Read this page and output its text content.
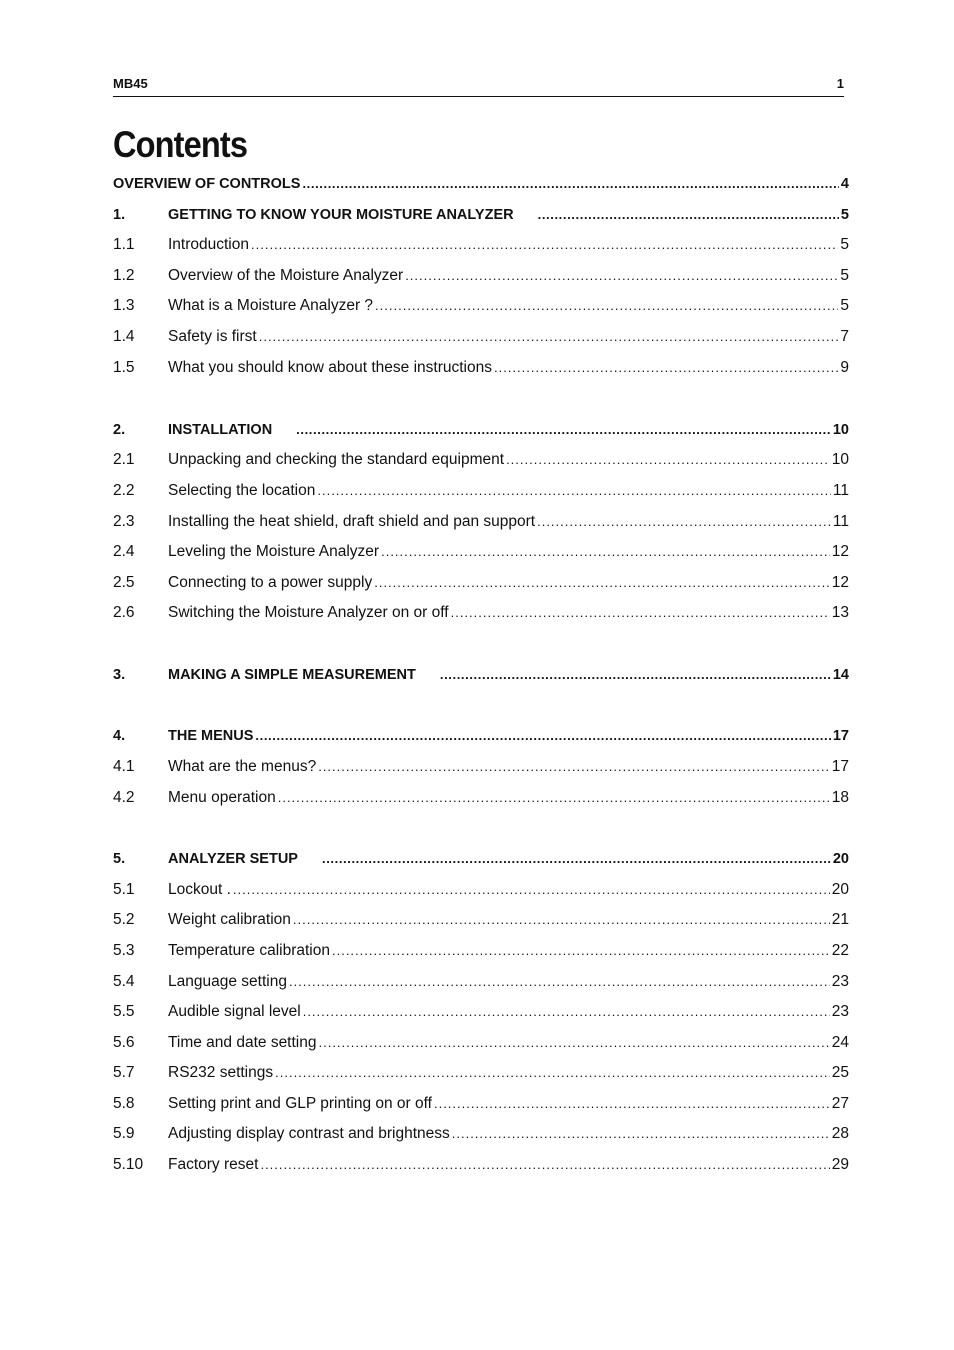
MB45	1
Contents
OVERVIEW OF CONTROLS .....	4
1.	GETTING TO KNOW YOUR MOISTURE ANALYZER .....	5
1.1	Introduction .....	5
1.2	Overview of the Moisture Analyzer .....	5
1.3	What is a Moisture Analyzer ? .....	5
1.4	Safety is first .....	7
1.5	What you should know about these instructions .....	9
2.	INSTALLATION .....	10
2.1	Unpacking and checking the standard equipment .....	10
2.2	Selecting the location .....	11
2.3	Installing the heat shield, draft shield and pan support .....	11
2.4	Leveling the Moisture Analyzer .....	12
2.5	Connecting to a power supply .....	12
2.6	Switching the Moisture Analyzer on or off .....	13
3.	MAKING A SIMPLE MEASUREMENT .....	14
4.	THE MENUS .....	17
4.1	What are the menus? .....	17
4.2	Menu operation .....	18
5.	ANALYZER SETUP .....	20
5.1	Lockout . .....	20
5.2	Weight calibration .....	21
5.3	Temperature calibration .....	22
5.4	Language setting .....	23
5.5	Audible signal level .....	23
5.6	Time and date setting .....	24
5.7	RS232 settings .....	25
5.8	Setting print and GLP printing on or off .....	27
5.9	Adjusting display contrast and brightness .....	28
5.10	Factory reset .....	29
